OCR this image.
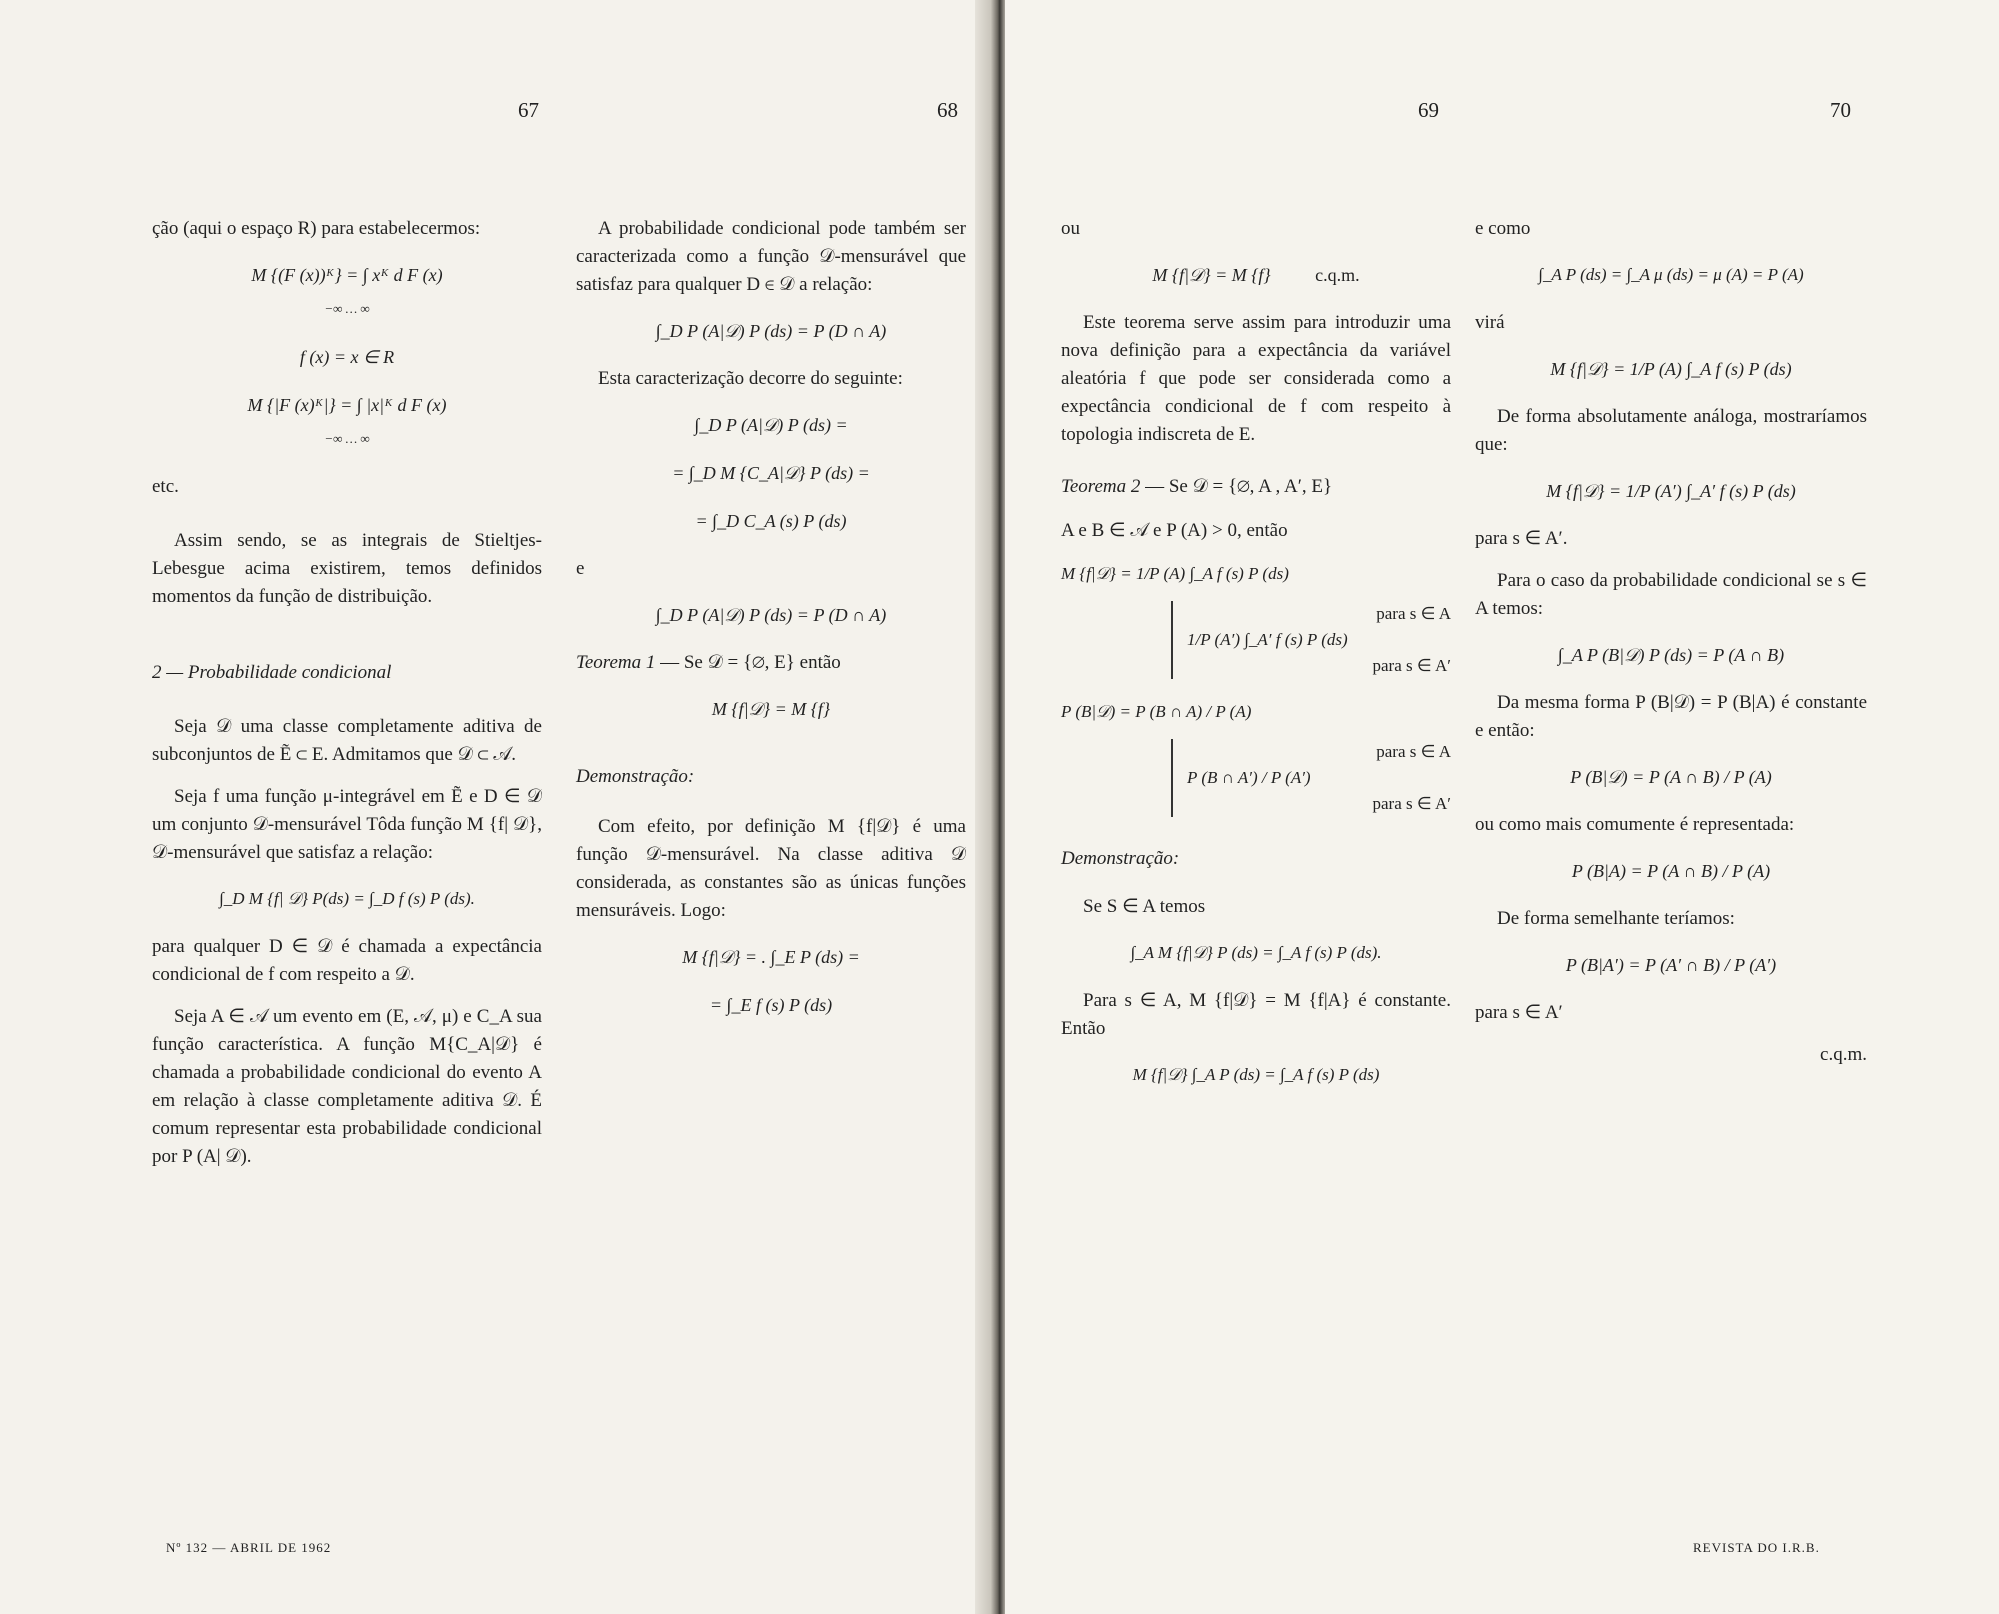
67	68

ção (aqui o espaço R) para estabelecermos:

M {(F (x))ᴷ} = ∫ xᴷ d F (x)
−∞ … ∞
f (x) = x ∈ R
M {|F (x)ᴷ|} = ∫ |x|ᴷ d F (x)
−∞ … ∞

etc.

Assim sendo, se as integrais de Stieltjes-Lebesgue acima existirem, temos definidos momentos da função de distribuição.

2 — Probabilidade condicional

Seja 𝒟 uma classe completamente aditiva de subconjuntos de Ẽ ⊂ E. Admitamos que 𝒟 ⊂ 𝒜.

Seja f uma função μ-integrável em Ẽ e D ∈ 𝒟 um conjunto 𝒟-mensurável Tôda função M {f| 𝒟}, 𝒟-mensurável que satisfaz a relação:

∫_D M {f| 𝒟} P(ds) = ∫_D f (s) P (ds).

para qualquer D ∈ 𝒟 é chamada a expectância condicional de f com respeito a 𝒟.

Seja A ∈ 𝒜 um evento em (E, 𝒜, μ) e C_A sua função característica. A função M{C_A|𝒟} é chamada a probabilidade condicional do evento A em relação à classe completamente aditiva 𝒟. É comum representar esta probabilidade condicional por P (A| 𝒟).

A probabilidade condicional pode também ser caracterizada como a função 𝒟-mensurável que satisfaz para qualquer D ∈ 𝒟 a relação:

∫_D P (A|𝒟) P (ds) = P (D ∩ A)

Esta caracterização decorre do seguinte:

∫_D P (A|𝒟) P (ds) =
= ∫_D M {C_A|𝒟} P (ds) =
= ∫_D C_A (s) P (ds)

e

∫_D P (A|𝒟) P (ds) = P (D ∩ A)
Teorema 1 — Se 𝒟 = {∅, E} então
M {f|𝒟} = M {f}
Demonstração:

Com efeito, por definição M {f|𝒟} é uma função 𝒟-mensurável. Na classe aditiva 𝒟 considerada, as constantes são as únicas funções mensuráveis. Logo:

M {f|𝒟} = . ∫_E P (ds) =
= ∫_E f (s) P (ds)
Nº 132 — ABRIL DE 1962
69	70

ou

M {f|𝒟} = M {f} c.q.m.

Este teorema serve assim para introduzir uma nova definição para a expectância da variável aleatória f que pode ser considerada como a expectância condicional de f com respeito à topologia indiscreta de E.

Teorema 2 — Se 𝒟 = {∅, A , A′, E}

A e B ∈ 𝒜 e P (A) > 0, então

M {f|𝒟} = 1/P (A) ∫_A f (s) P (ds)
para s ∈ A
1/P (A′) ∫_A′ f (s) P (ds)
para s ∈ A′
P (B|𝒟) = P (B ∩ A) / P (A)
para s ∈ A
P (B ∩ A′) / P (A′)
para s ∈ A′
Demonstração:

Se S ∈ A temos

∫_A M {f|𝒟} P (ds) = ∫_A f (s) P (ds).

Para s ∈ A, M {f|𝒟} = M {f|A} é constante. Então

M {f|𝒟} ∫_A P (ds) = ∫_A f (s) P (ds)

e como

∫_A P (ds) = ∫_A μ (ds) = μ (A) = P (A)

virá

M {f|𝒟} = 1/P (A) ∫_A f (s) P (ds)

De forma absolutamente análoga, mostraríamos que:

M {f|𝒟} = 1/P (A′) ∫_A′ f (s) P (ds)

para s ∈ A′.

Para o caso da probabilidade condicional se s ∈ A temos:

∫_A P (B|𝒟) P (ds) = P (A ∩ B)

Da mesma forma P (B|𝒟) = P (B|A) é constante e então:

P (B|𝒟) = P (A ∩ B) / P (A)

ou como mais comumente é representada:

P (B|A) = P (A ∩ B) / P (A)

De forma semelhante teríamos:

P (B|A′) = P (A′ ∩ B) / P (A′)

para s ∈ A′

c.q.m.
REVISTA DO I.R.B.
